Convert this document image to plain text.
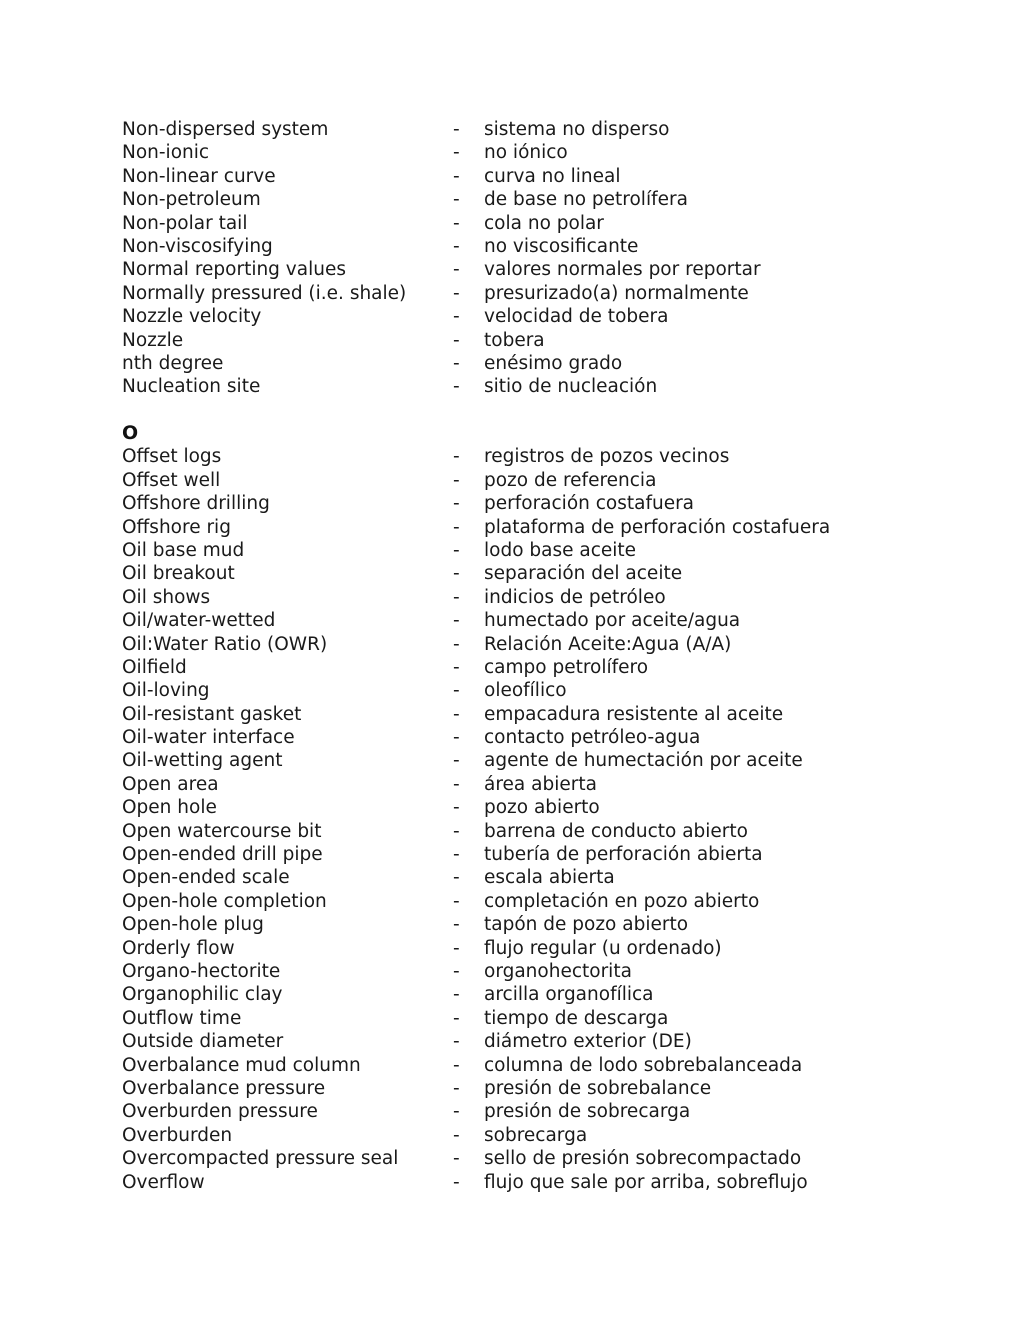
Non-dispersed system	- sistema no disperso
Non-ionic	- no iónico
Non-linear curve	- curva no lineal
Non-petroleum	- de base no petrolífera
Non-polar tail	- cola no polar
Non-viscosifying	- no viscosificante
Normal reporting values	- valores normales por reportar
Normally pressured (i.e. shale)	- presurizado(a) normalmente
Nozzle velocity	- velocidad de tobera
Nozzle	- tobera
nth degree	- enésimo grado
Nucleation site	- sitio de nucleación
O
Offset logs	- registros de pozos vecinos
Offset well	- pozo de referencia
Offshore drilling	- perforación costafuera
Offshore rig	- plataforma de perforación costafuera
Oil base mud	- lodo base aceite
Oil breakout	- separación del aceite
Oil shows	- indicios de petróleo
Oil/water-wetted	- humectado por aceite/agua
Oil:Water Ratio (OWR)	- Relación Aceite:Agua (A/A)
Oilfield	- campo petrolífero
Oil-loving	- oleofílico
Oil-resistant gasket	- empacadura resistente al aceite
Oil-water interface	- contacto petróleo-agua
Oil-wetting agent	- agente de humectación por aceite
Open area	- área abierta
Open hole	- pozo abierto
Open watercourse bit	- barrena de conducto abierto
Open-ended drill pipe	- tubería de perforación abierta
Open-ended scale	- escala abierta
Open-hole completion	- completación en pozo abierto
Open-hole plug	- tapón de pozo abierto
Orderly flow	- flujo regular (u ordenado)
Organo-hectorite	- organohectorita
Organophilic clay	- arcilla organofílica
Outflow time	- tiempo de descarga
Outside diameter	- diámetro exterior (DE)
Overbalance mud column	- columna de lodo sobrebalanceada
Overbalance pressure	- presión de sobrebalance
Overburden pressure	- presión de sobrecarga
Overburden	- sobrecarga
Overcompacted pressure seal	- sello de presión sobrecompactado
Overflow	- flujo que sale por arriba, sobreflujo
